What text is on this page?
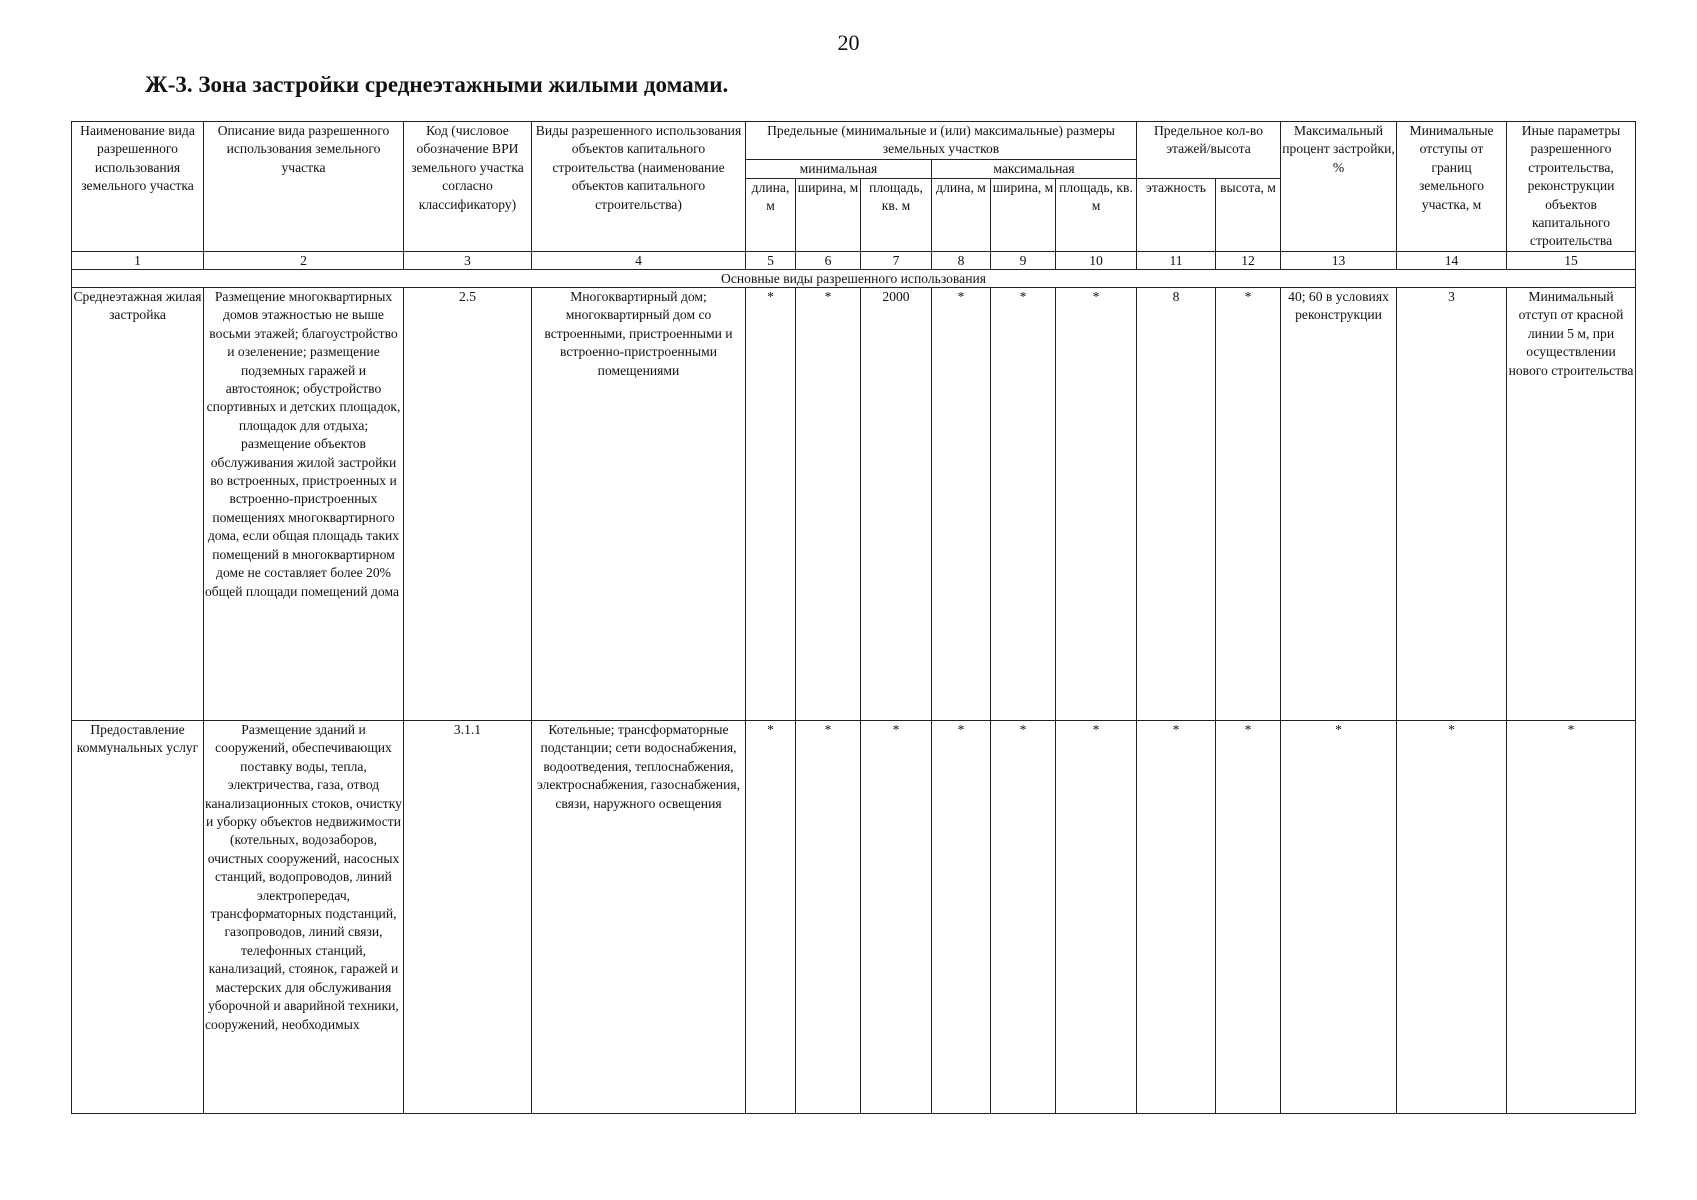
20
Ж-3. Зона застройки среднеэтажными жилыми домами.
Наименование вида разрешенного использования земельного участка	Описание вида разрешенного использования земельного участка	Код (числовое обозначение ВРИ земельного участка согласно классификатору)	Виды разрешенного использования объектов капитального строительства (наименование объектов капитального строительства)	Предельные (минимальные и (или) максимальные) размеры земельных участков						Предельное кол-во этажей/высота		Максимальный процент застройки, %	Минимальные отступы от границ земельного участка, м	Иные параметры разрешенного строительства, реконструкции объектов капитального строительства
				минимальная			максимальная							
				длина, м	ширина, м	площадь, кв. м	длина, м	ширина, м	площадь, кв. м	этажность	высота, м			
1	2	3	4	5	6	7	8	9	10	11	12	13	14	15
Основные виды разрешенного использования														
Среднеэтажная жилая застройка	Размещение многоквартирных домов этажностью не выше восьми этажей; благоустройство и озеленение; размещение подземных гаражей и автостоянок; обустройство спортивных и детских площадок, площадок для отдыха; размещение объектов обслуживания жилой застройки во встроенных, пристроенных и встроенно-пристроенных помещениях многоквартирного дома, если общая площадь таких помещений в многоквартирном доме не составляет более 20% общей площади помещений дома	2.5	Многоквартирный дом; многоквартирный дом со встроенными, пристроенными и встроенно-пристроенными помещениями	*	*	2000	*	*	*	8	*	40; 60 в условиях реконструкции	3	Минимальный отступ от красной линии 5 м, при осуществлении нового строительства
Предоставление коммунальных услуг	Размещение зданий и сооружений, обеспечивающих поставку воды, тепла, электричества, газа, отвод канализационных стоков, очистку и уборку объектов недвижимости (котельных, водозаборов, очистных сооружений, насосных станций, водопроводов, линий электропередач, трансформаторных подстанций, газопроводов, линий связи, телефонных станций, канализаций, стоянок, гаражей и мастерских для обслуживания уборочной и аварийной техники, сооружений, необходимых	3.1.1	Котельные; трансформаторные подстанции; сети водоснабжения, водоотведения, теплоснабжения, электроснабжения, газоснабжения, связи, наружного освещения	*	*	*	*	*	*	*	*	*	*	*
